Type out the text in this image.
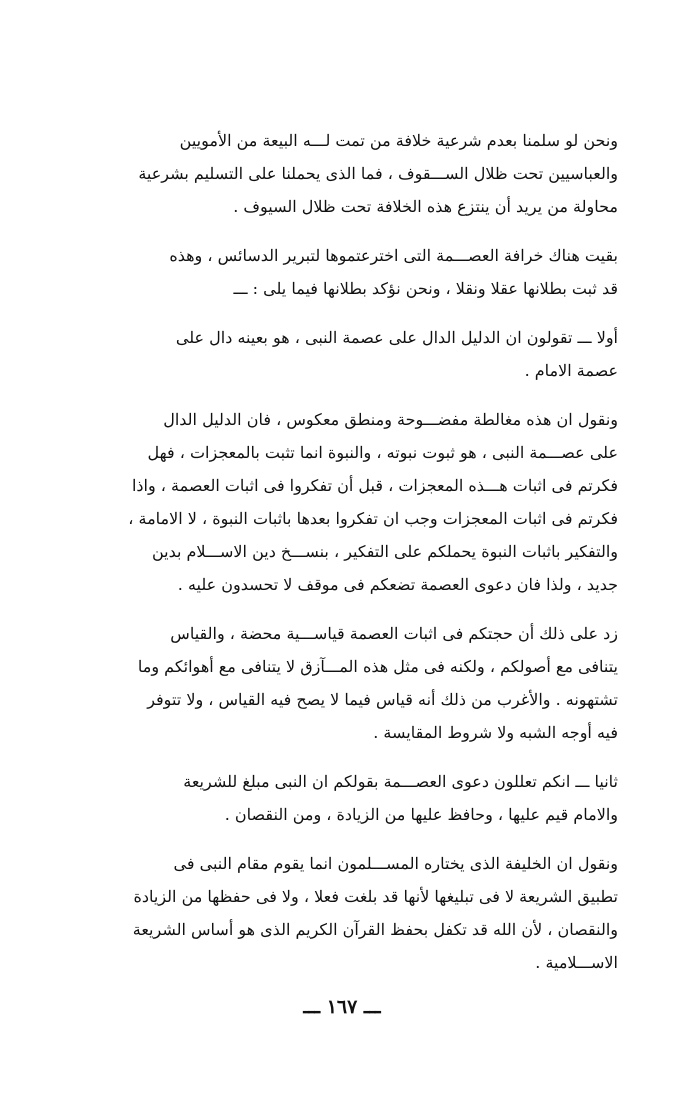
ونحن لو سلمنا بعدم شرعية خلافة من تمت لـــه البيعة من الأمويين
والعباسيين تحت ظلال الســـقوف ، فما الذى يحملنا على التسليم بشرعية
محاولة من يريد أن ينتزع هذه الخلافة تحت ظلال السيوف .

بقيت هناك خرافة العصـــمة التى اخترعتموها لتبرير الدسائس ، وهذه
قد ثبت بطلانها عقلا ونقلا ، ونحن نؤكد بطلانها فيما يلى : ـــ

أولا ـــ تقولون ان الدليل الدال على عصمة النبى ، هو بعينه دال على
عصمة الامام .

ونقول ان هذه مغالطة مفضـــوحة ومنطق معكوس ، فان الدليل الدال
على عصـــمة النبى ، هو ثبوت نبوته ، والنبوة انما تثبت بالمعجزات ، فهل
فكرتم فى اثبات هـــذه المعجزات ، قبل أن تفكروا فى اثبات العصمة ، واذا
فكرتم فى اثبات المعجزات وجب ان تفكروا بعدها باثبات النبوة ، لا الامامة ،
والتفكير باثبات النبوة يحملكم على التفكير ، بنســـخ دين الاســـلام بدين
جديد ، ولذا فان دعوى العصمة تضعكم فى موقف لا تحسدون عليه .

زد على ذلك أن حجتكم فى اثبات العصمة قياســـية محضة ، والقياس
يتنافى مع أصولكم ، ولكنه فى مثل هذه المـــآزق لا يتنافى مع أهوائكم وما
تشتهونه . والأغرب من ذلك أنه قياس فيما لا يصح فيه القياس ، ولا تتوفر
فيه أوجه الشبه ولا شروط المقايسة .

ثانيا ـــ انكم تعللون دعوى العصـــمة بقولكم ان النبى مبلغ للشريعة
والامام قيم عليها ، وحافظ عليها من الزيادة ، ومن النقصان .

ونقول ان الخليفة الذى يختاره المســـلمون انما يقوم مقام النبى فى
تطبيق الشريعة لا فى تبليغها لأنها قد بلغت فعلا ، ولا فى حفظها من الزيادة
والنقصان ، لأن الله قد تكفل بحفظ القرآن الكريم الذى هو أساس الشريعة
الاســـلامية .

ـــ ١٦٧ ـــ
